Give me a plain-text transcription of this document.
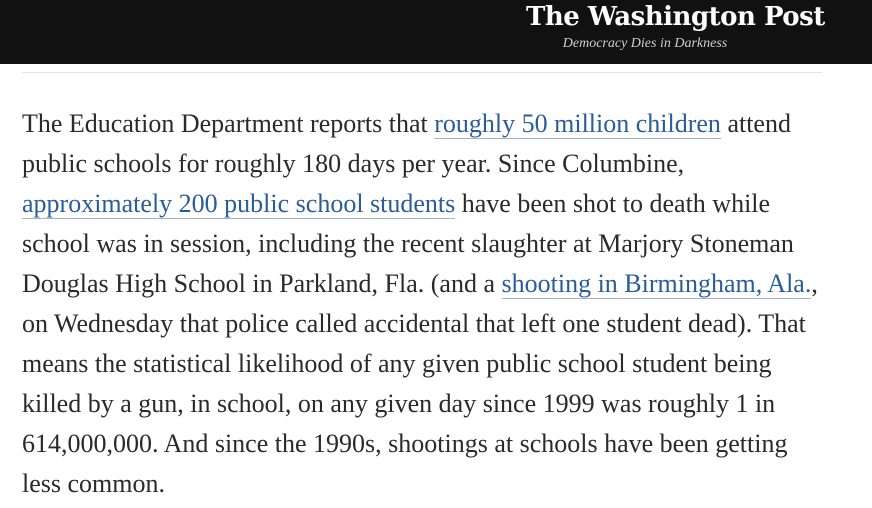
The Washington Post
Democracy Dies in Darkness

The Education Department reports that roughly 50 million children attend public schools for roughly 180 days per year. Since Columbine, approximately 200 public school students have been shot to death while school was in session, including the recent slaughter at Marjory Stoneman Douglas High School in Parkland, Fla. (and a shooting in Birmingham, Ala., on Wednesday that police called accidental that left one student dead). That means the statistical likelihood of any given public school student being killed by a gun, in school, on any given day since 1999 was roughly 1 in 614,000,000. And since the 1990s, shootings at schools have been getting less common.
